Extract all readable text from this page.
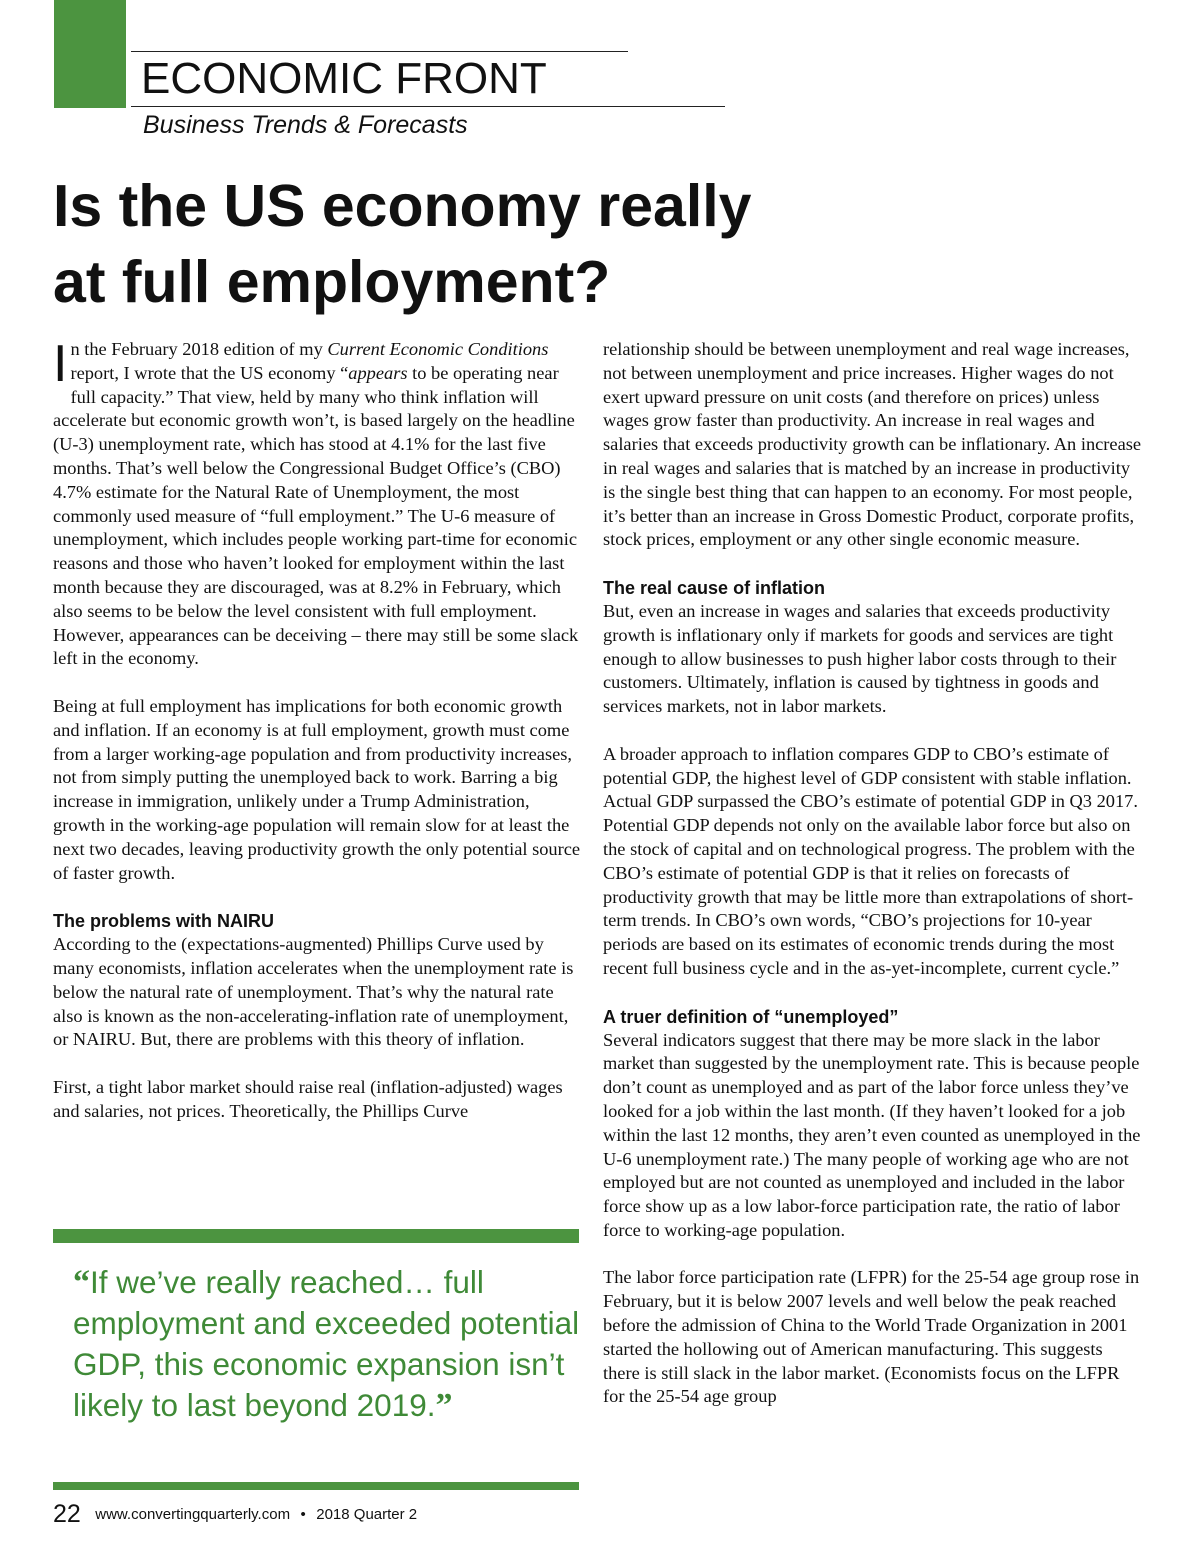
ECONOMIC FRONT
Business Trends & Forecasts
Is the US economy really
at full employment?

In the February 2018 edition of my Current Economic Conditions report, I wrote that the US economy “appears to be operating near full capacity.” That view, held by many who think inflation will accelerate but economic growth won’t, is based largely on the headline (U-3) unemployment rate, which has stood at 4.1% for the last five months. That’s well below the Congressional Budget Office’s (CBO) 4.7% estimate for the Natural Rate of Unemployment, the most commonly used measure of “full employment.” The U-6 measure of unemployment, which includes people working part-time for economic reasons and those who haven’t looked for employment within the last month because they are discouraged, was at 8.2% in February, which also seems to be below the level consistent with full employment. However, appearances can be deceiving – there may still be some slack left in the economy.

Being at full employment has implications for both economic growth and inflation. If an economy is at full employment, growth must come from a larger working-age population and from productivity increases, not from simply putting the unemployed back to work. Barring a big increase in immigration, unlikely under a Trump Administration, growth in the working-age population will remain slow for at least the next two decades, leaving productivity growth the only potential source of faster growth.

The problems with NAIRU

According to the (expectations-augmented) Phillips Curve used by many economists, inflation accelerates when the unemployment rate is below the natural rate of unemployment. That’s why the natural rate also is known as the non-accelerating-inflation rate of unemployment, or NAIRU. But, there are problems with this theory of inflation.

First, a tight labor market should raise real (inflation-adjusted) wages and salaries, not prices. Theoretically, the Phillips Curve

relationship should be between unemployment and real wage increases, not between unemployment and price increases. Higher wages do not exert upward pressure on unit costs (and therefore on prices) unless wages grow faster than productivity. An increase in real wages and salaries that exceeds productivity growth can be inflationary. An increase in real wages and salaries that is matched by an increase in productivity is the single best thing that can happen to an economy. For most people, it’s better than an increase in Gross Domestic Product, corporate profits, stock prices, employment or any other single economic measure.

The real cause of inflation

But, even an increase in wages and salaries that exceeds productivity growth is inflationary only if markets for goods and services are tight enough to allow businesses to push higher labor costs through to their customers. Ultimately, inflation is caused by tightness in goods and services markets, not in labor markets.

A broader approach to inflation compares GDP to CBO’s estimate of potential GDP, the highest level of GDP consistent with stable inflation. Actual GDP surpassed the CBO’s estimate of potential GDP in Q3 2017. Potential GDP depends not only on the available labor force but also on the stock of capital and on technological progress. The problem with the CBO’s estimate of potential GDP is that it relies on forecasts of productivity growth that may be little more than extrapolations of short-term trends. In CBO’s own words, “CBO’s projections for 10-year periods are based on its estimates of economic trends during the most recent full business cycle and in the as-yet-incomplete, current cycle.”

A truer definition of “unemployed”

Several indicators suggest that there may be more slack in the labor market than suggested by the unemployment rate. This is because people don’t count as unemployed and as part of the labor force unless they’ve looked for a job within the last month. (If they haven’t looked for a job within the last 12 months, they aren’t even counted as unemployed in the U-6 unemployment rate.) The many people of working age who are not employed but are not counted as unemployed and included in the labor force show up as a low labor-force participation rate, the ratio of labor force to working-age population.

The labor force participation rate (LFPR) for the 25-54 age group rose in February, but it is below 2007 levels and well below the peak reached before the admission of China to the World Trade Organization in 2001 started the hollowing out of American manufacturing. This suggests there is still slack in the labor market. (Economists focus on the LFPR for the 25-54 age group

“If we’ve really reached… full employment and exceeded potential GDP, this economic expansion isn’t likely to last beyond 2019.”
22 www.convertingquarterly.com • 2018 Quarter 2
